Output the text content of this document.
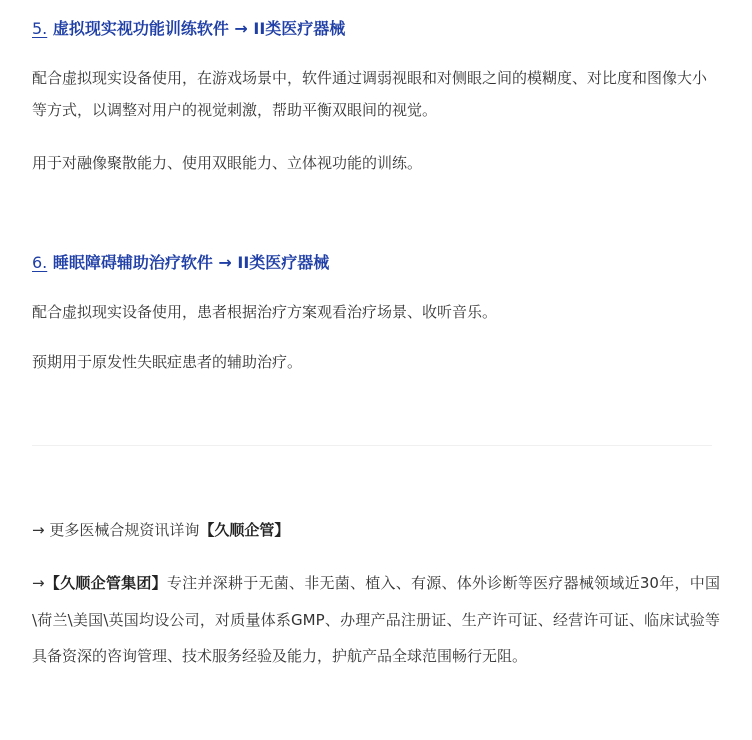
5. 虚拟现实视功能训练软件 → II类医疗器械
配合虚拟现实设备使用，在游戏场景中，软件通过调弱视眼和对侧眼之间的模糊度、对比度和图像大小等方式，以调整对用户的视觉刺激，帮助平衡双眼间的视觉。
用于对融像聚散能力、使用双眼能力、立体视功能的训练。
6. 睡眠障碍辅助治疗软件 → II类医疗器械
配合虚拟现实设备使用，患者根据治疗方案观看治疗场景、收听音乐。
预期用于原发性失眠症患者的辅助治疗。
→ 更多医械合规资讯详询【久顺企管】
→【久顺企管集团】专注并深耕于无菌、非无菌、植入、有源、体外诊断等医疗器械领域近30年，中国\荷兰\美国\英国均设公司，对质量体系GMP、办理产品注册证、生产许可证、经营许可证、临床试验等具备资深的咨询管理、技术服务经验及能力，护航产品全球范围畅行无阻。
